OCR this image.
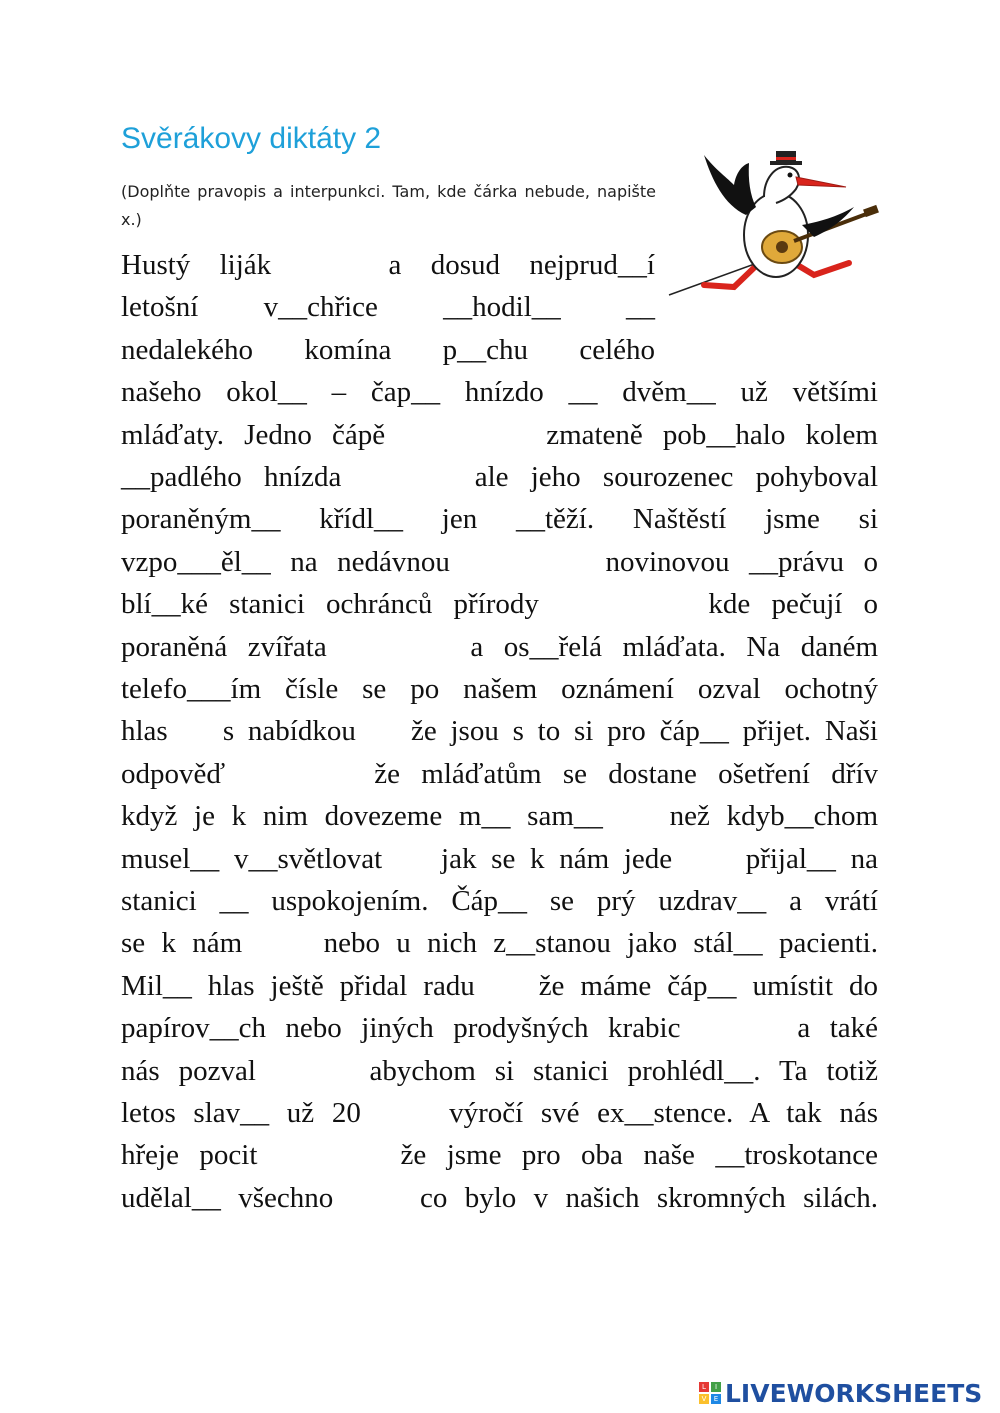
Svěrákovy diktáty 2
(Doplňte pravopis a interpunkci. Tam, kde čárka nebude, napište x.)
Hustý  liják        a  dosud  nejprud__í
letošní      v__chřice      __hodil__      __
nedalekého  komína  p__chu  celého
našeho okol__ – čap__ hnízdo __ dvěm__ už většími
mláďaty. Jedno čápě        zmateně pob__halo kolem
__padlého hnízda      ale jeho sourozenec pohyboval
poraněným__ křídl__ jen __těží. Naštěstí jsme si
vzpo___ěl__ na nedávnou        novinovou __právu o
blí__ké stanici ochránců přírody        kde pečují o
poraněná zvířata       a os__řelá mláďata. Na daném
telefo___ím čísle se po našem oznámení ozval ochotný
hlas    s nabídkou    že jsou s to si pro čáp__ přijet. Naši
odpověď       že mláďatům se dostane ošetření dřív
když je k nim dovezeme m__ sam__    než kdyb__chom
musel__ v__světlovat    jak se k nám jede     přijal__ na
stanici __ uspokojením. Čáp__ se prý uzdrav__ a vrátí
se k nám     nebo u nich z__stanou jako stál__ pacienti.
Mil__ hlas ještě přidal radu    že máme čáp__ umístit do
papírov__ch nebo jiných prodyšných krabic      a také
nás pozval      abychom si stanici prohlédl__. Ta totiž
letos slav__ už 20     výročí své ex__stence. A tak nás
hřeje pocit       že jsme pro oba naše __troskotance
udělal__ všechno     co bylo v našich skromných silách.
L	I
V	E LIVEWORKSHEETS
